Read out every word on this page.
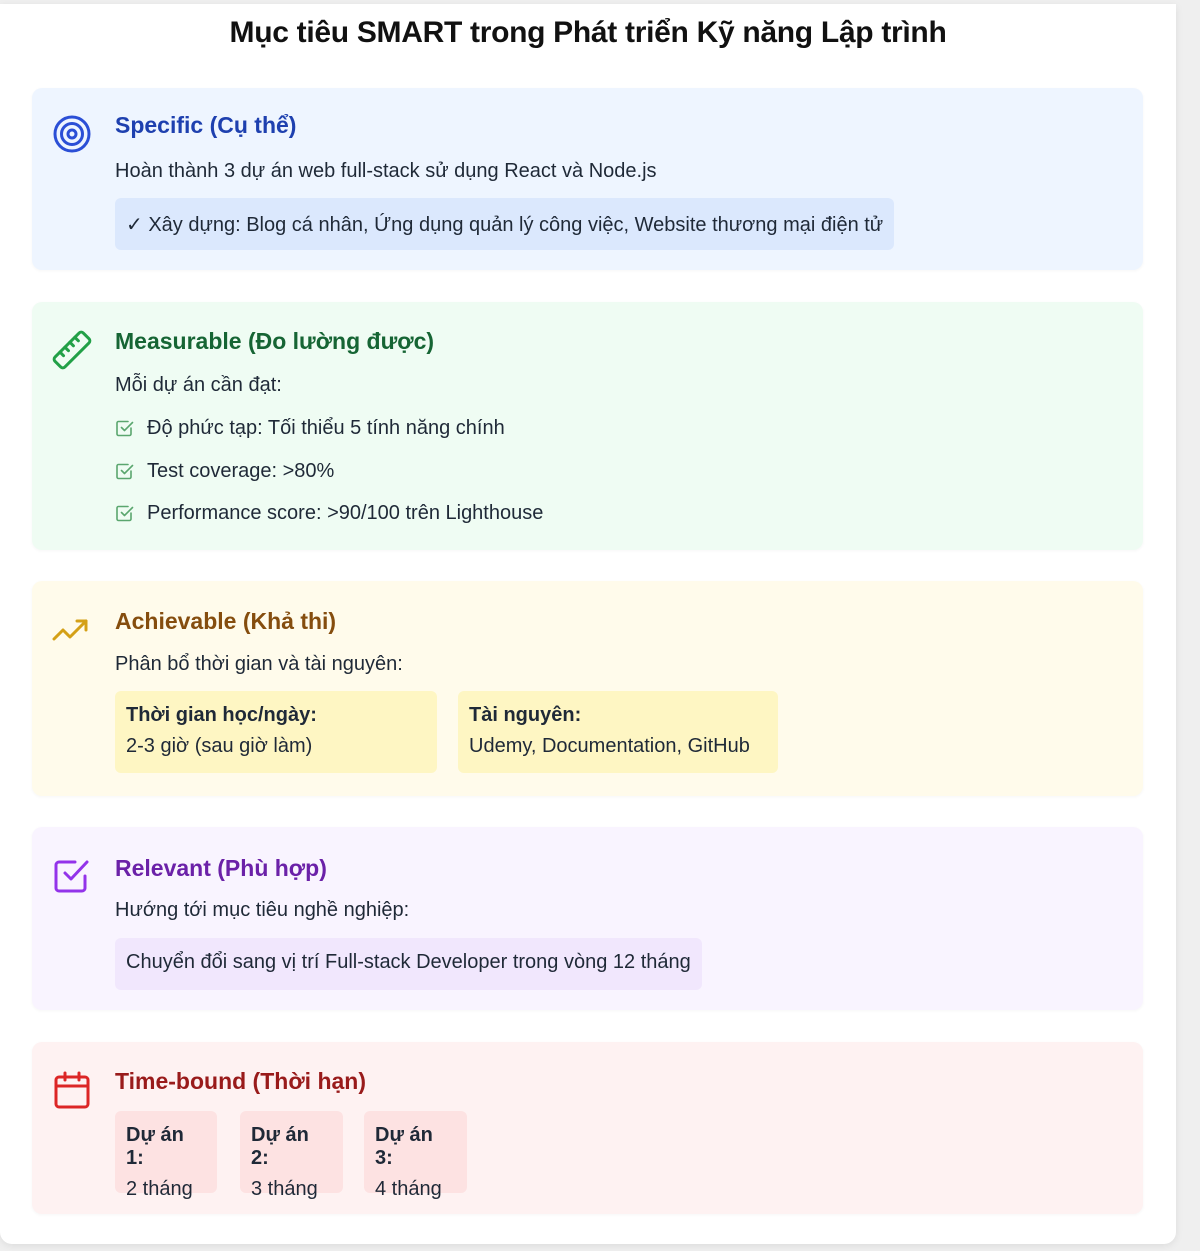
Mục tiêu SMART trong Phát triển Kỹ năng Lập trình
Specific (Cụ thể)

Hoàn thành 3 dự án web full-stack sử dụng React và Node.js

✓ Xây dựng: Blog cá nhân, Ứng dụng quản lý công việc, Website thương mại điện tử
Measurable (Đo lường được)

Mỗi dự án cần đạt:

Độ phức tạp: Tối thiểu 5 tính năng chính
Test coverage: >80%
Performance score: >90/100 trên Lighthouse
Achievable (Khả thi)

Phân bổ thời gian và tài nguyên:

Thời gian học/ngày:
2-3 giờ (sau giờ làm)
Tài nguyên:
Udemy, Documentation, GitHub
Relevant (Phù hợp)

Hướng tới mục tiêu nghề nghiệp:

Chuyển đổi sang vị trí Full-stack Developer trong vòng 12 tháng
Time-bound (Thời hạn)
Dự án 1:
2 tháng
Dự án 2:
3 tháng
Dự án 3:
4 tháng
